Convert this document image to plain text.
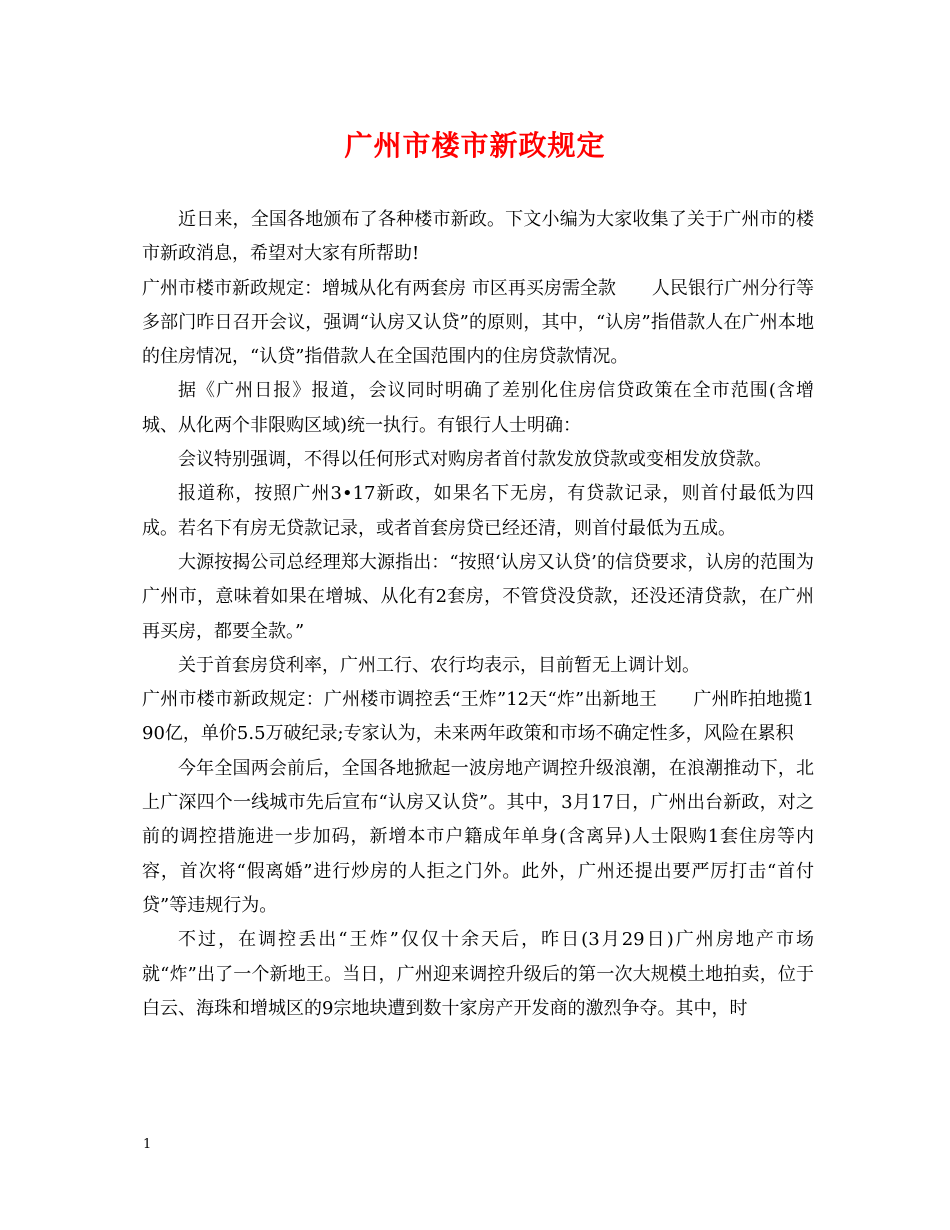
广州市楼市新政规定

近日来，全国各地颁布了各种楼市新政。下文小编为大家收集了关于广州市的楼市新政消息，希望对大家有所帮助!

广州市楼市新政规定：增城从化有两套房 市区再买房需全款 人民银行广州分行等多部门昨日召开会议，强调“认房又认贷”的原则，其中，“认房”指借款人在广州本地的住房情况，“认贷”指借款人在全国范围内的住房贷款情况。

据《广州日报》报道，会议同时明确了差别化住房信贷政策在全市范围(含增城、从化两个非限购区域)统一执行。有银行人士明确：

会议特别强调，不得以任何形式对购房者首付款发放贷款或变相发放贷款。

报道称，按照广州3•17新政，如果名下无房，有贷款记录，则首付最低为四成。若名下有房无贷款记录，或者首套房贷已经还清，则首付最低为五成。

大源按揭公司总经理郑大源指出：“按照‘认房又认贷’的信贷要求，认房的范围为广州市，意味着如果在增城、从化有2套房，不管贷没贷款，还没还清贷款，在广州再买房，都要全款。”

关于首套房贷利率，广州工行、农行均表示，目前暂无上调计划。

广州市楼市新政规定：广州楼市调控丢“王炸”12天“炸”出新地王 广州昨拍地揽190亿，单价5.5万破纪录;专家认为，未来两年政策和市场不确定性多，风险在累积

今年全国两会前后，全国各地掀起一波房地产调控升级浪潮，在浪潮推动下，北上广深四个一线城市先后宣布“认房又认贷”。其中，3月17日，广州出台新政，对之前的调控措施进一步加码，新增本市户籍成年单身(含离异)人士限购1套住房等内容，首次将“假离婚”进行炒房的人拒之门外。此外，广州还提出要严厉打击“首付贷”等违规行为。

不过，在调控丢出“王炸”仅仅十余天后，昨日(3月29日)广州房地产市场就“炸”出了一个新地王。当日，广州迎来调控升级后的第一次大规模土地拍卖，位于白云、海珠和增城区的9宗地块遭到数十家房产开发商的激烈争夺。其中，时

1
